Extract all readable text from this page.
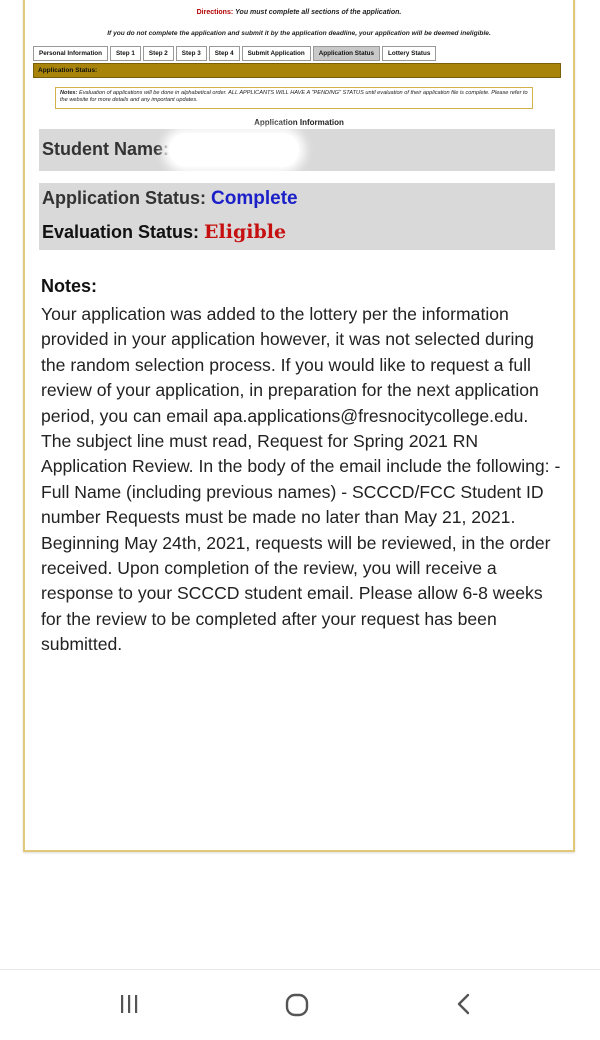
Directions: You must complete all sections of the application.
If you do not complete the application and submit it by the application deadline, your application will be deemed ineligible.
Personal Information	Step 1	Step 2	Step 3	Step 4	Submit Application	Application Status	Lottery Status
Application Status:
Notes: Evaluation of applications will be done in alphabetical order. ALL APPLICANTS WILL HAVE A "PENDING" STATUS until evaluation of their application file is complete. Please refer to the website for more details and any important updates.
Application Information
Student Name:
Application Status: Complete
Evaluation Status: Eligible
Notes:
Your application was added to the lottery per the information provided in your application however, it was not selected during the random selection process. If you would like to request a full review of your application, in preparation for the next application period, you can email apa.applications@fresnocitycollege.edu. The subject line must read, Request for Spring 2021 RN Application Review. In the body of the email include the following: - Full Name (including previous names) - SCCCD/FCC Student ID number Requests must be made no later than May 21, 2021. Beginning May 24th, 2021, requests will be reviewed, in the order received. Upon completion of the review, you will receive a response to your SCCCD student email. Please allow 6-8 weeks for the review to be completed after your request has been submitted.
